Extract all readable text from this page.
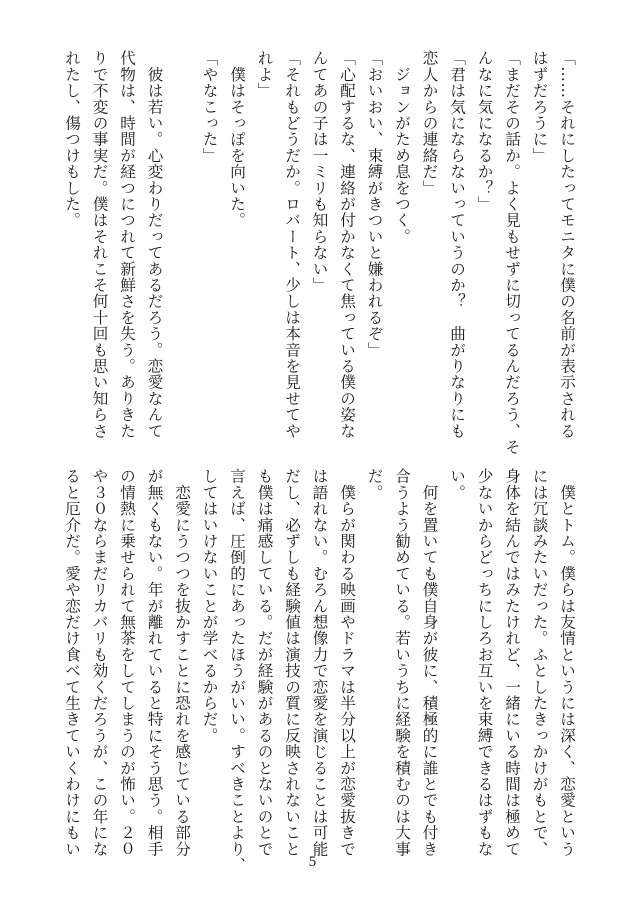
「……それにしたってモニタに僕の名前が表示される
はずだろうに」
「まだその話か。よく見もせずに切ってるんだろう、そ
んなに気になるか？」
「君は気にならないっていうのか？　曲がりなりにも
恋人からの連絡だ」
　ジョンがため息をつく。
「おいおい、束縛がきついと嫌われるぞ」
「心配するな、連絡が付かなくて焦っている僕の姿な
んてあの子は一ミリも知らない」
「それもどうだか。ロバート、少しは本音を見せてや
れよ」
　僕はそっぽを向いた。
「やなこった」

　彼は若い。心変わりだってあるだろう。恋愛なんて
代物は、時間が経つにつれて新鮮さを失う。ありきた
りで不変の事実だ。僕はそれこそ何十回も思い知らさ
れたし、傷つけもした。
　僕とトム。僕らは友情というには深く、恋愛という
には冗談みたいだった。ふとしたきっかけがもとで、
身体を結んではみたけれど、一緒にいる時間は極めて
少ないからどっちにしろお互いを束縛できるはずもな
い。
　何を置いても僕自身が彼に、積極的に誰とでも付き
合うよう勧めている。若いうちに経験を積むのは大事
だ。
　僕らが関わる映画やドラマは半分以上が恋愛抜きで
は語れない。むろん想像力で恋愛を演じることは可能
だし、必ずしも経験値は演技の質に反映されないこと
も僕は痛感している。だが経験があるのとないのとで
言えば、圧倒的にあったほうがいい。すべきことより、
してはいけないことが学べるからだ。
　恋愛にうつつを抜かすことに恐れを感じている部分
が無くもない。年が離れていると特にそう思う。相手
の情熱に乗せられて無茶をしてしまうのが怖い。２０
や３０ならまだリカバリも効くだろうが、この年にな
ると厄介だ。愛や恋だけ食べて生きていくわけにもい
5
